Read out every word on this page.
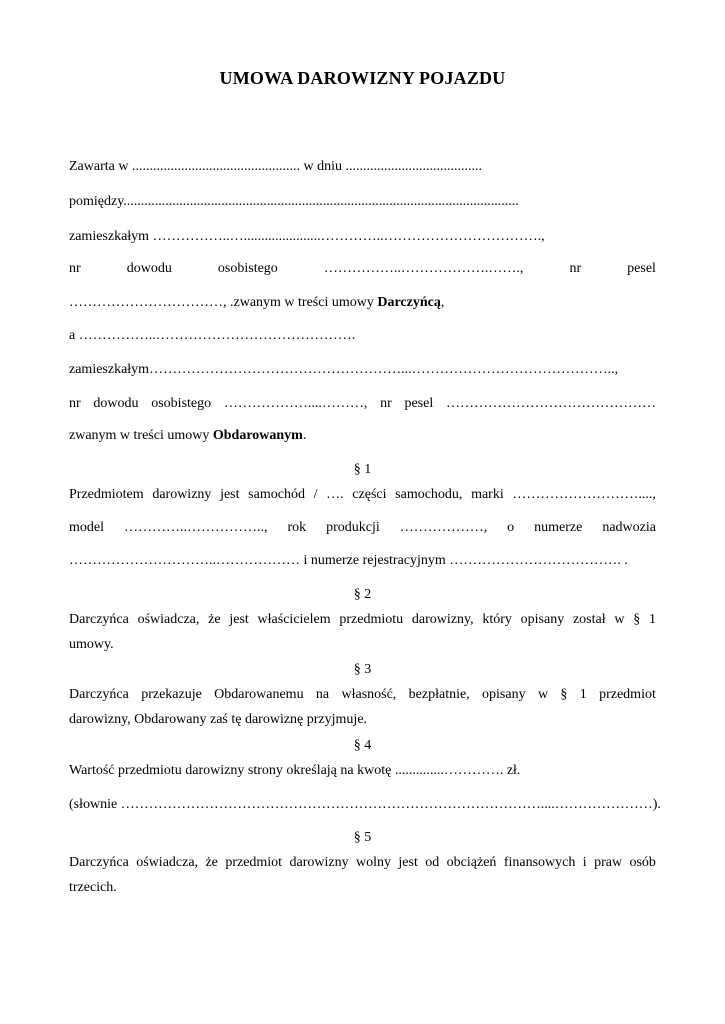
UMOWA DAROWIZNY POJAZDU
Zawarta w ................................................ w dniu .......................................
pomiędzy.................................................................................................................
zamieszkałym ……………..…......................…………..…………………………….,
nr	dowodu	osobistego	……………..……………….…….,	nr	pesel
……………………………, .zwanym w treści umowy Darczyńcą,
a ……………..…………………………………….
zamieszkałym………………………………………………...……………………………………..,
nr dowodu osobistego ………………....………, nr pesel ………………………………………
zwanym w treści umowy Obdarowanym.
§ 1
Przedmiotem darowizny jest samochód / …. części samochodu, marki ………………………....,
model …………..…………….., rok produkcji ………………, o numerze nadwozia
…………………………..……………… i numerze rejestracyjnym ………………………………. .
§ 2
Darczyńca oświadcza, że jest właścicielem przedmiotu darowizny, który opisany został w § 1
umowy.
§ 3
Darczyńca przekazuje Obdarowanemu na własność, bezpłatnie, opisany w § 1 przedmiot
darowizny, Obdarowany zaś tę darowiznę przyjmuje.
§ 4
Wartość przedmiotu darowizny strony określają na kwotę ..............…………. zł.
(słownie ………………………………………………………………………………....…………………).
§ 5
Darczyńca oświadcza, że przedmiot darowizny wolny jest od obciążeń finansowych i praw osób
trzecich.
